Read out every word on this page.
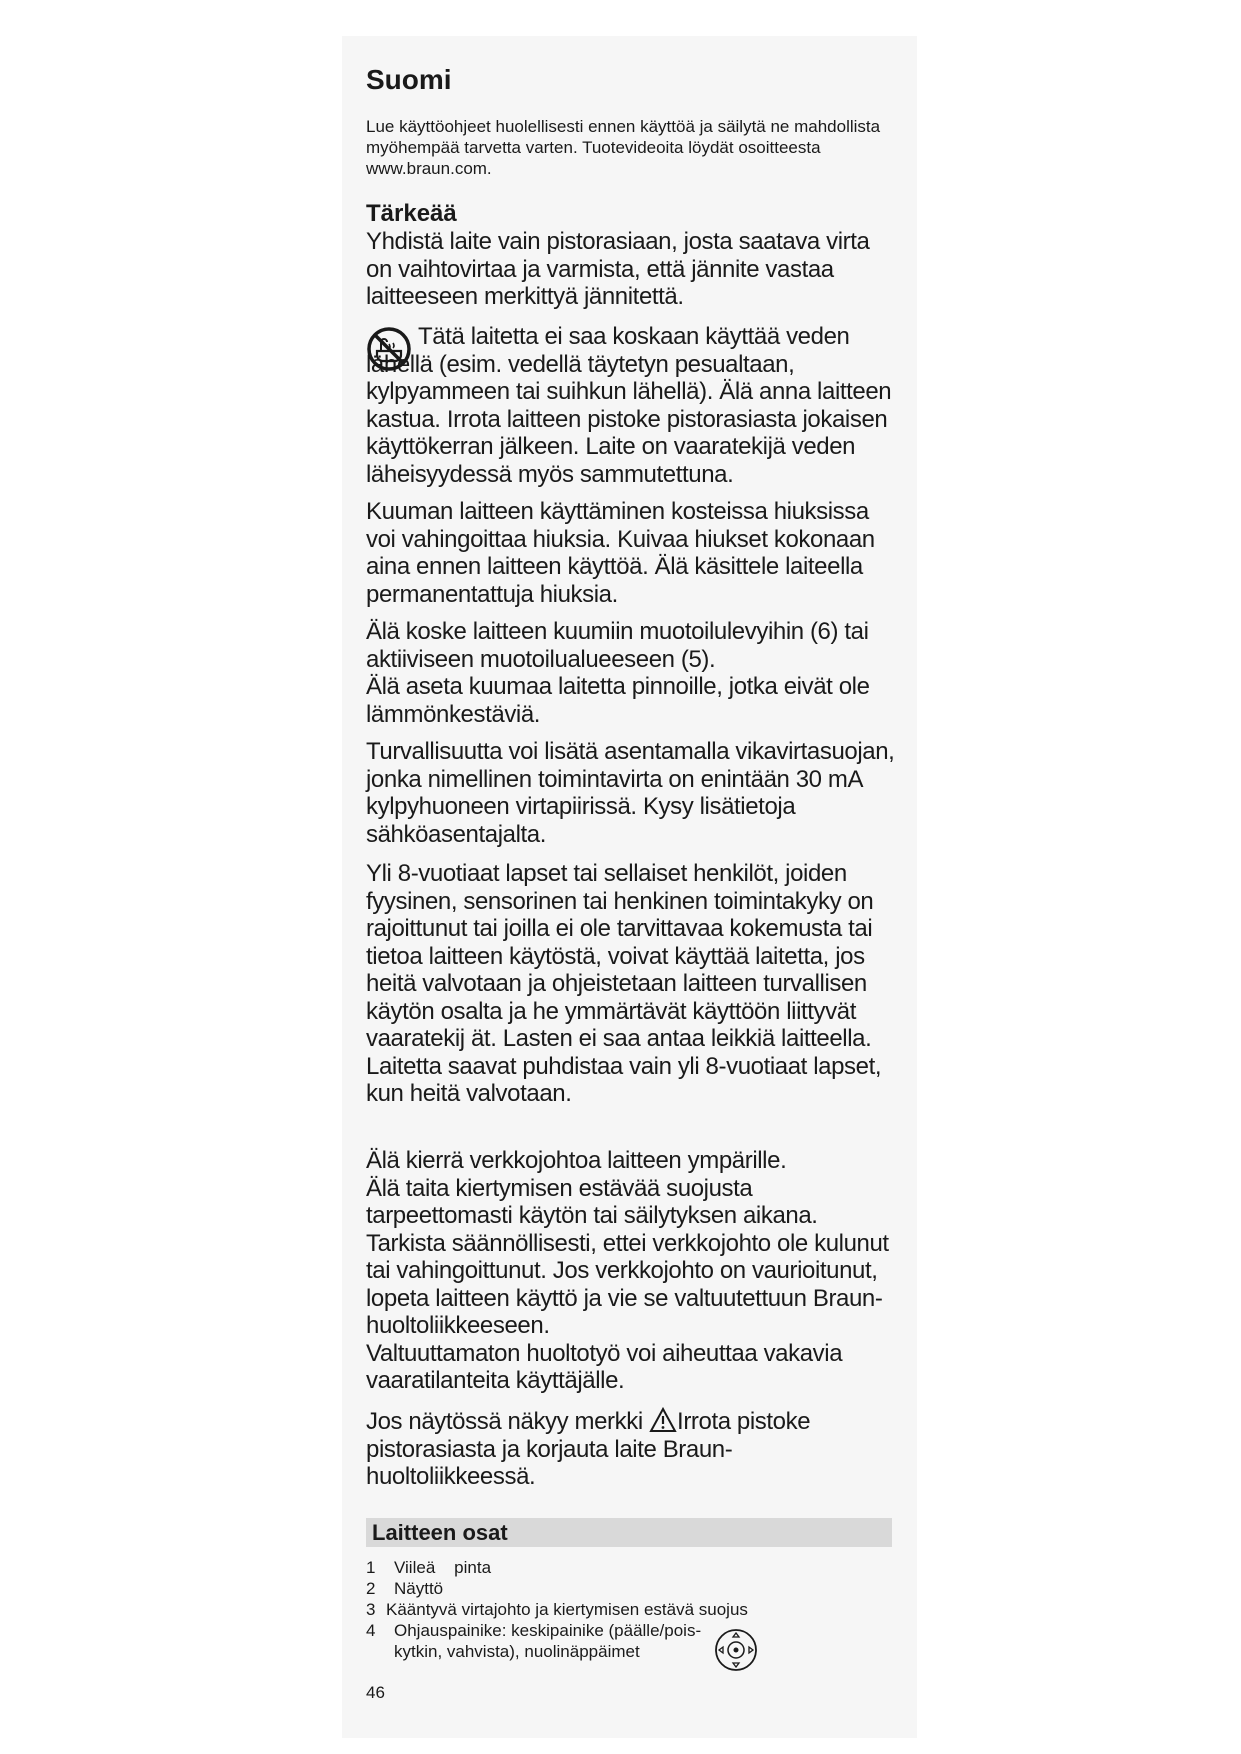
Suomi

Lue käyttöohjeet huolellisesti ennen käyttöä ja säilytä ne mahdollista myöhempää tarvetta varten. Tuotevideoita löydät osoitteesta www.braun.com.

Tärkeää

Yhdistä laite vain pistorasiaan, josta saatava virta on vaihtovirtaa ja varmista, että jännite vastaa laitteeseen merkittyä jännitettä.

Tätä laitetta ei saa koskaan käyttää veden lähellä (esim. vedellä täytetyn pesualtaan, kylpyammeen tai suihkun lähellä). Älä anna laitteen kastua. Irrota laitteen pistoke pistorasiasta jokaisen käyttökerran jälkeen. Laite on vaaratekijä veden läheisyydessä myös sammutettuna.

Kuuman laitteen käyttäminen kosteissa hiuksissa voi vahingoittaa hiuksia. Kuivaa hiukset kokonaan aina ennen laitteen käyttöä. Älä käsittele laiteella permanentattuja hiuksia.

Älä koske laitteen kuumiin muotoilulevyihin (6) tai aktiiviseen muotoilualueeseen (5).
Älä aseta kuumaa laitetta pinnoille, jotka eivät ole lämmönkestäviä.

Turvallisuutta voi lisätä asentamalla vikavirtasuojan, jonka nimellinen toimintavirta on enintään 30 mA kylpyhuoneen virtapiirissä. Kysy lisätietoja sähköasentajalta.

Yli 8-vuotiaat lapset tai sellaiset henkilöt, joiden fyysinen, sensorinen tai henkinen toimintakyky on rajoittunut tai joilla ei ole tarvittavaa kokemusta tai tietoa laitteen käytöstä, voivat käyttää laitetta, jos heitä valvotaan ja ohjeistetaan laitteen turvallisen käytön osalta ja he ymmärtävät käyttöön liittyvät vaaratekij ät. Lasten ei saa antaa leikkiä laitteella. Laitetta saavat puhdistaa vain yli 8-vuotiaat lapset, kun heitä valvotaan.

Älä kierrä verkkojohtoa laitteen ympärille.
Älä taita kiertymisen estävää suojusta tarpeettomasti käytön tai säilytyksen aikana.
Tarkista säännöllisesti, ettei verkkojohto ole kulunut tai vahingoittunut. Jos verkkojohto on vaurioitunut, lopeta laitteen käyttö ja vie se valtuutettuun Braun-huoltoliikkeeseen.
Valtuuttamaton huoltotyö voi aiheuttaa vakavia vaaratilanteita käyttäjälle.

Jos näytössä näkyy merkki Irrota pistoke pistorasiasta ja korjauta laite Braun-huoltoliikkeessä.

Laitteen osat
1 Viileä    pinta
2 Näyttö
3 Kääntyvä virtajohto ja kiertymisen estävä suojus
4 Ohjauspainike: keskipainike (päälle/pois-kytkin, vahvista), nuolinäppäimet

46
